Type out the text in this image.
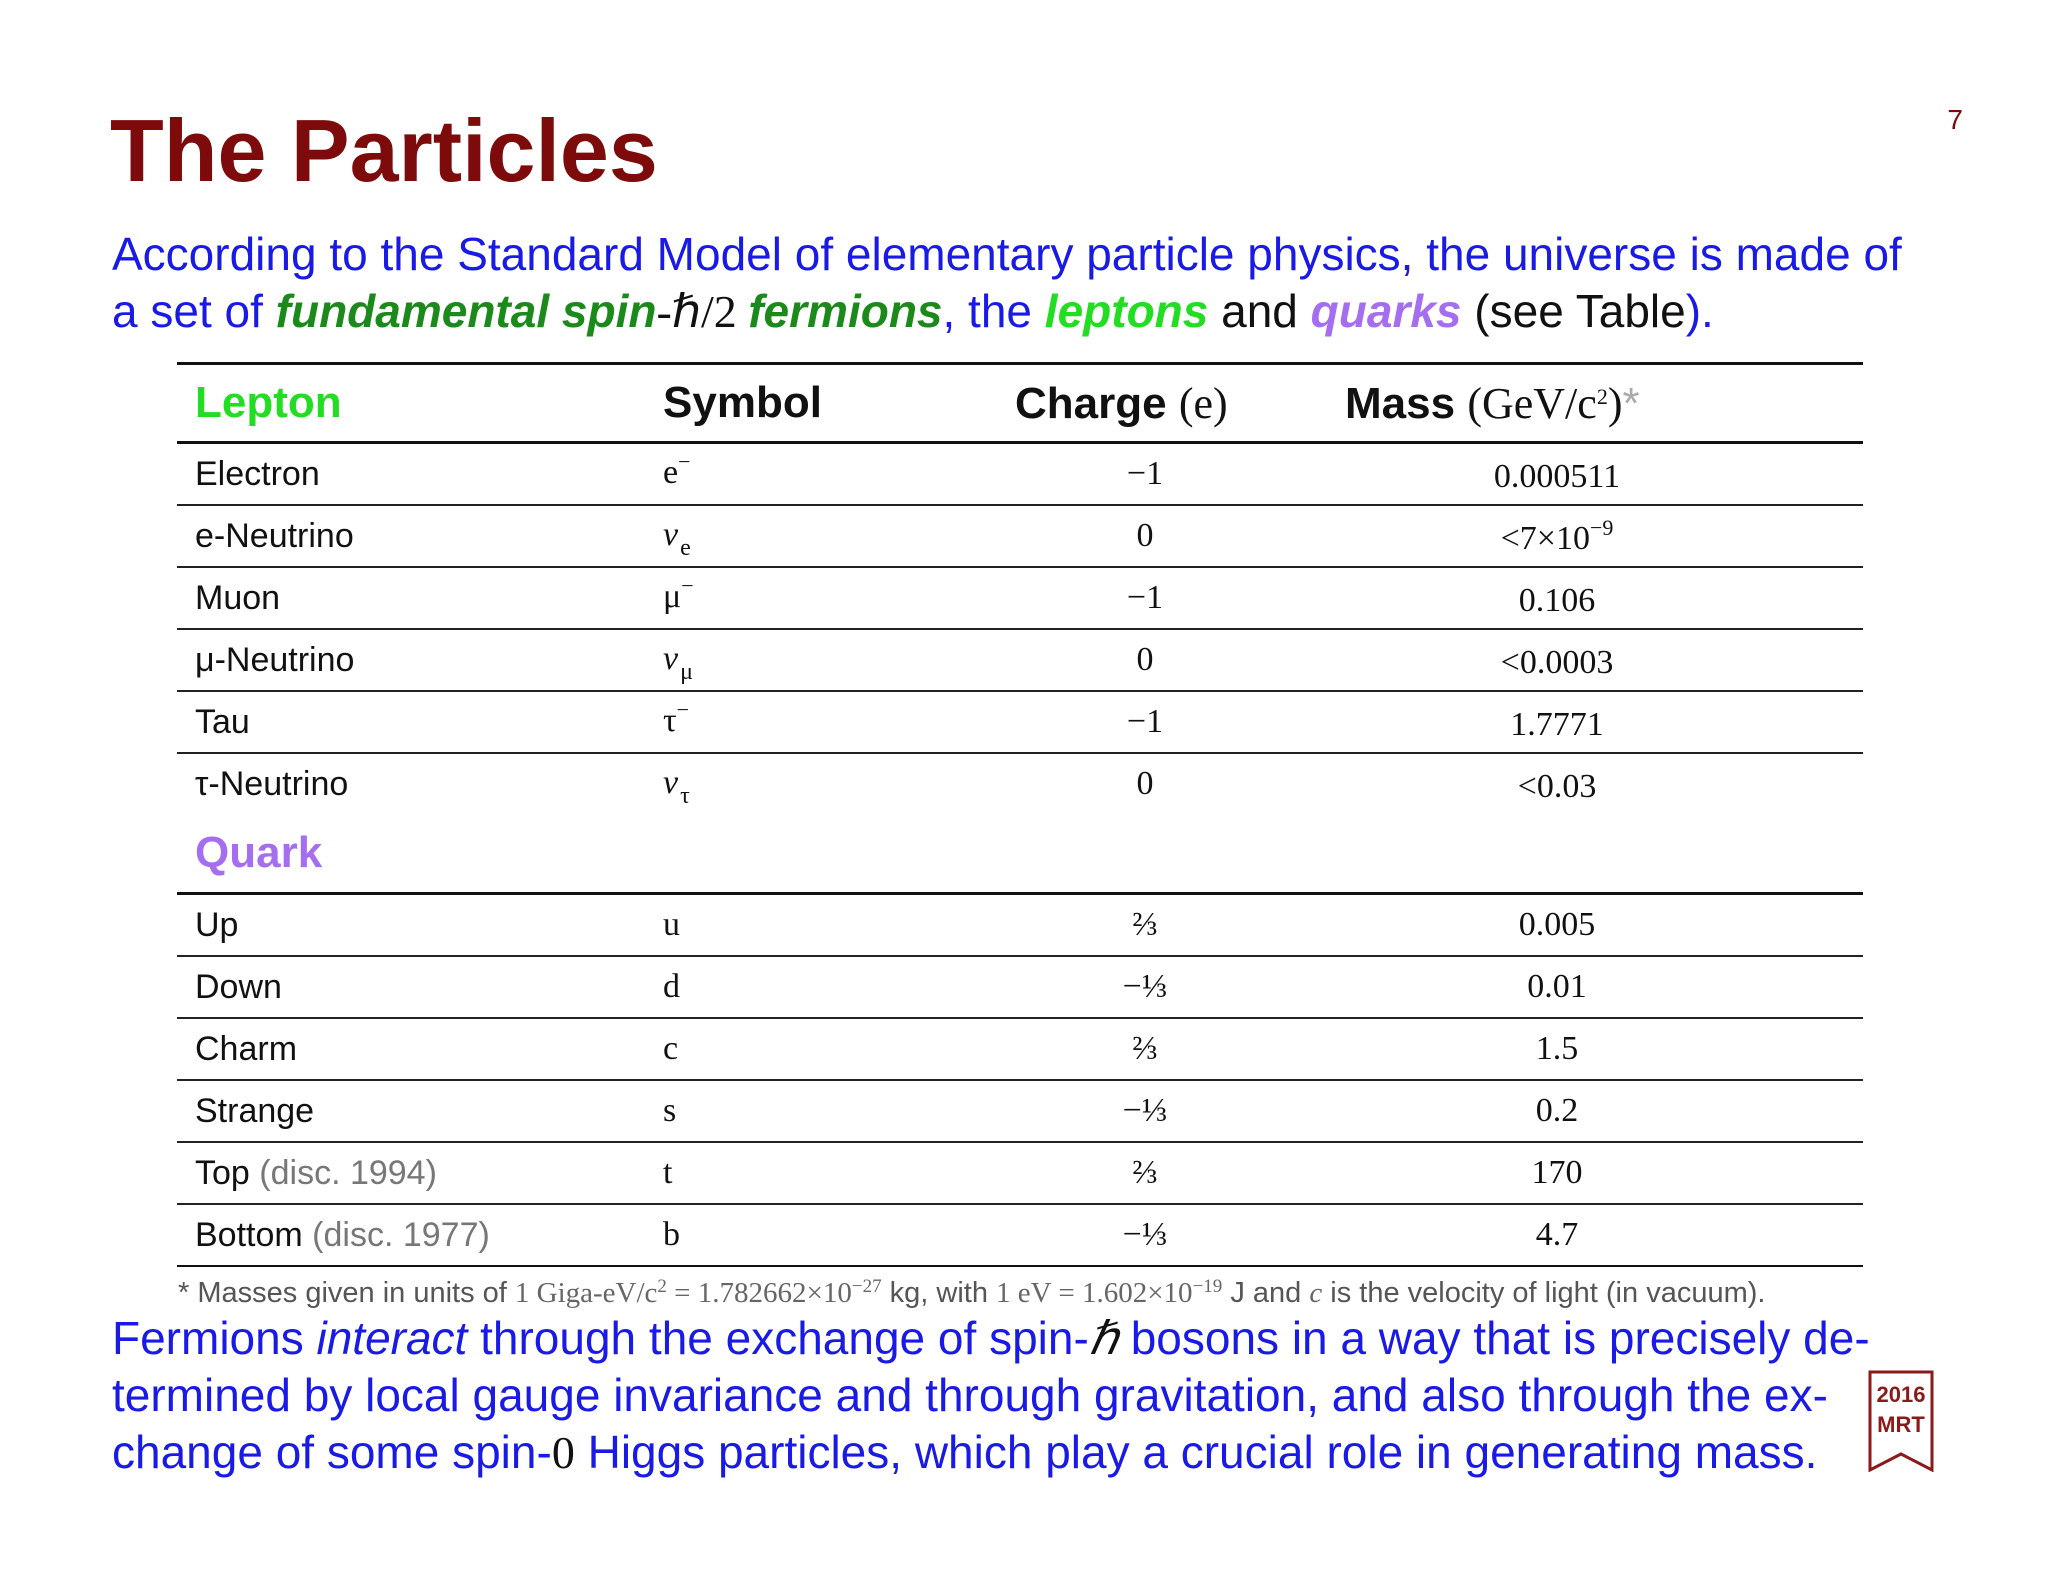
7
The Particles

According to the Standard Model of elementary particle physics, the universe is made of
a set of fundamental spin-ℏ/2 fermions, the leptons and quarks (see Table).

Lepton	Symbol	Charge (e)	Mass $(GeV/c^2)*$
Electron	e−	−1	0.000511
e-Neutrino	$\nu_e$	0	$<7\times 10^{-9}$
Muon	μ−	−1	0.106
μ-Neutrino	$\nu_\mu$	0	<0.0003
Tau	τ−	−1	1.7771
τ-Neutrino	$\nu_\tau$	0	<0.03
Quark
Up	u	⅔	0.005
Down	d	−⅓	0.01
Charm	c	⅔	1.5
Strange	s	−⅓	0.2
Top (disc. 1994)	t	⅔	170
Bottom (disc. 1977)	b	−⅓	4.7
* Masses given in units of 1 Giga-$eV/c^2 = 1.782662\times 10^{-27}$ kg, with 1 eV = $1.602\times 10^{-19}$ J and c is the velocity of light (in vacuum).

Fermions interact through the exchange of spin-ℏ bosons in a way that is precisely de-
termined by local gauge invariance and through gravitation, and also through the ex-
change of some spin-0 Higgs particles, which play a crucial role in generating mass.

2016
MRT
